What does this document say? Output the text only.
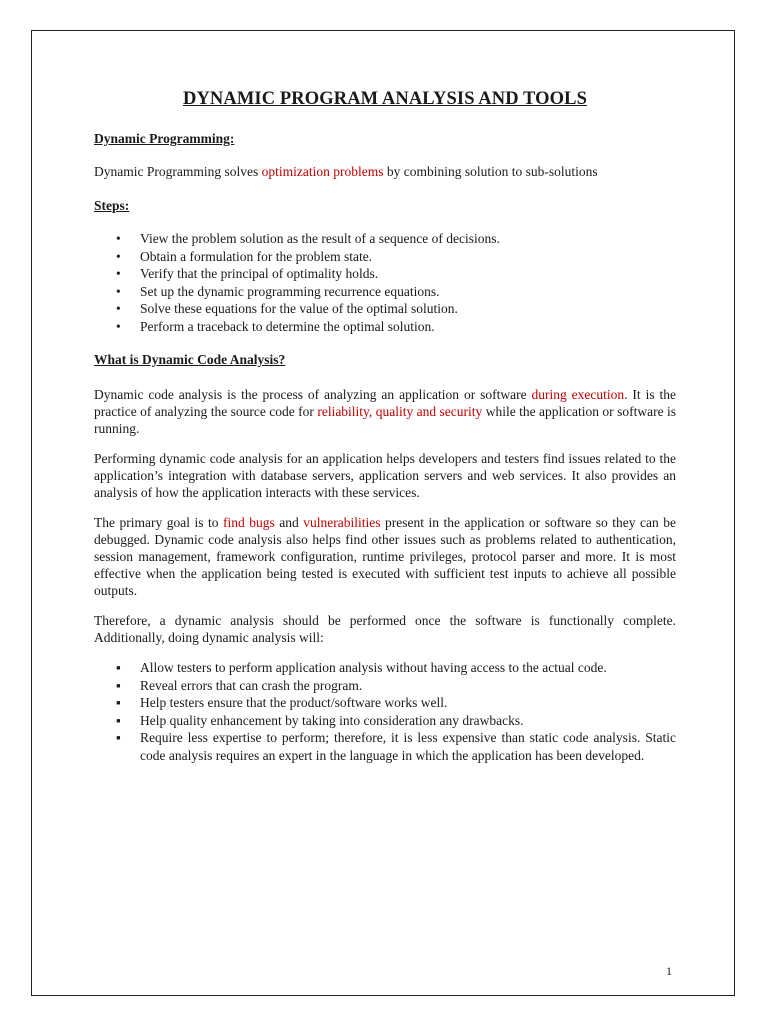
DYNAMIC PROGRAM ANALYSIS AND TOOLS
Dynamic Programming:

Dynamic Programming solves optimization problems by combining solution to sub-solutions

Steps:
• View the problem solution as the result of a sequence of decisions.
• Obtain a formulation for the problem state.
• Verify that the principal of optimality holds.
• Set up the dynamic programming recurrence equations.
• Solve these equations for the value of the optimal solution.
• Perform a traceback to determine the optimal solution.
What is Dynamic Code Analysis?

Dynamic code analysis is the process of analyzing an application or software during execution. It is the practice of analyzing the source code for reliability, quality and security while the application or software is running.

Performing dynamic code analysis for an application helps developers and testers find issues related to the application’s integration with database servers, application servers and web services. It also provides an analysis of how the application interacts with these services.

The primary goal is to find bugs and vulnerabilities present in the application or software so they can be debugged. Dynamic code analysis also helps find other issues such as problems related to authentication, session management, framework configuration, runtime privileges, protocol parser and more. It is most effective when the application being tested is executed with sufficient test inputs to achieve all possible outputs.

Therefore, a dynamic analysis should be performed once the software is functionally complete. Additionally, doing dynamic analysis will:

▪ Allow testers to perform application analysis without having access to the actual code.
▪ Reveal errors that can crash the program.
▪ Help testers ensure that the product/software works well.
▪ Help quality enhancement by taking into consideration any drawbacks.
▪ Require less expertise to perform; therefore, it is less expensive than static code analysis. Static code analysis requires an expert in the language in which the application has been developed.
1
